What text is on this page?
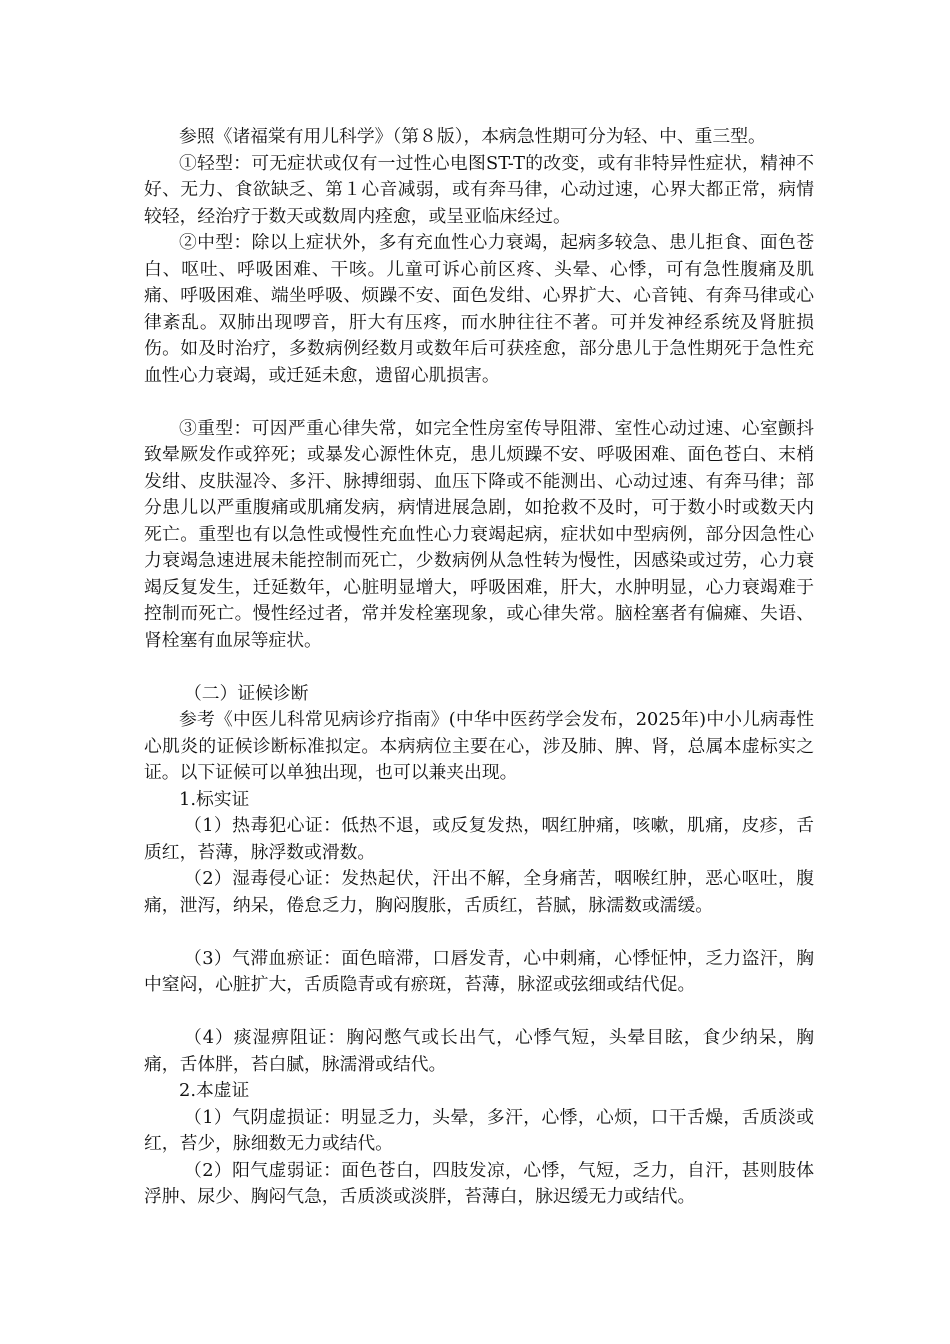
参照《诸福棠有用儿科学》（第８版），本病急性期可分为轻、中、重三型。

①轻型：可无症状或仅有一过性心电图ST-T的改变，或有非特异性症状，精神不好、无力、食欲缺乏、第１心音减弱，或有奔马律，心动过速，心界大都正常，病情较轻，经治疗于数天或数周内痊愈，或呈亚临床经过。

②中型：除以上症状外，多有充血性心力衰竭，起病多较急、患儿拒食、面色苍白、呕吐、呼吸困难、干咳。儿童可诉心前区疼、头晕、心悸，可有急性腹痛及肌痛、呼吸困难、端坐呼吸、烦躁不安、面色发绀、心界扩大、心音钝、有奔马律或心律紊乱。双肺出现啰音，肝大有压疼，而水肿往往不著。可并发神经系统及肾脏损伤。如及时治疗，多数病例经数月或数年后可获痊愈，部分患儿于急性期死于急性充血性心力衰竭，或迁延未愈，遗留心肌损害。

③重型：可因严重心律失常，如完全性房室传导阻滞、室性心动过速、心室颤抖致晕厥发作或猝死；或暴发心源性休克，患儿烦躁不安、呼吸困难、面色苍白、末梢发绀、皮肤湿冷、多汗、脉搏细弱、血压下降或不能测出、心动过速、有奔马律；部分患儿以严重腹痛或肌痛发病，病情进展急剧，如抢救不及时，可于数小时或数天内死亡。重型也有以急性或慢性充血性心力衰竭起病，症状如中型病例，部分因急性心力衰竭急速进展未能控制而死亡，少数病例从急性转为慢性，因感染或过劳，心力衰竭反复发生，迁延数年，心脏明显增大，呼吸困难，肝大，水肿明显，心力衰竭难于控制而死亡。慢性经过者，常并发栓塞现象，或心律失常。脑栓塞者有偏瘫、失语、肾栓塞有血尿等症状。

（二）证候诊断

参考《中医儿科常见病诊疗指南》(中华中医药学会发布，2025年)中小儿病毒性心肌炎的证候诊断标准拟定。本病病位主要在心，涉及肺、脾、肾，总属本虚标实之证。以下证候可以单独出现，也可以兼夹出现。

1.标实证

（1）热毒犯心证：低热不退，或反复发热，咽红肿痛，咳嗽，肌痛，皮疹，舌质红，苔薄，脉浮数或滑数。

（2）湿毒侵心证：发热起伏，汗出不解，全身痛苦，咽喉红肿，恶心呕吐，腹痛，泄泻，纳呆，倦怠乏力，胸闷腹胀，舌质红，苔腻，脉濡数或濡缓。

（3）气滞血瘀证：面色暗滞，口唇发青，心中刺痛，心悸怔忡，乏力盗汗，胸中窒闷，心脏扩大，舌质隐青或有瘀斑，苔薄，脉涩或弦细或结代促。

（4）痰湿痹阻证：胸闷憋气或长出气，心悸气短，头晕目眩，食少纳呆，胸痛，舌体胖，苔白腻，脉濡滑或结代。

2.本虚证

（1）气阴虚损证：明显乏力，头晕，多汗，心悸，心烦，口干舌燥，舌质淡或红，苔少，脉细数无力或结代。

（2）阳气虚弱证：面色苍白，四肢发凉，心悸，气短，乏力，自汗，甚则肢体浮肿、尿少、胸闷气急，舌质淡或淡胖，苔薄白，脉迟缓无力或结代。
